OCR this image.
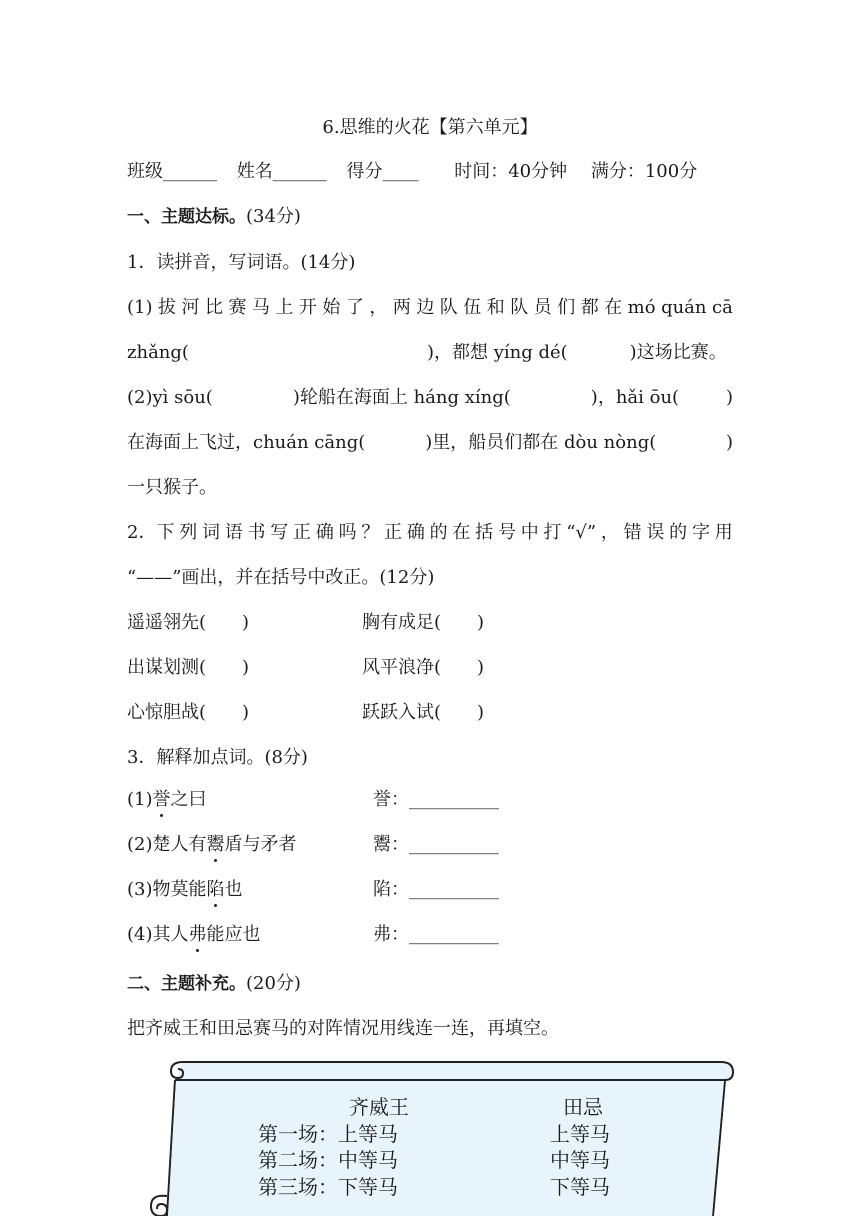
6.思维的火花【第六单元】
班级______ 姓名______ 得分____ 时间：40分钟 满分：100分
一、主题达标。(34分)
1．读拼音，写词语。(14分)
(1) 拔 河 比 赛 马 上 开 始 了 ， 两 边 队 伍 和 队 员 们 都 在 mó quán cā
zhǎng(	)，都想 yíng dé(	)这场比赛。
(2)yì sōu(	)轮船在海面上 háng xíng(	)，hǎi ōu(	)
在海面上飞过，chuán cāng(	)里，船员们都在 dòu nòng(	)
一只猴子。
2．下 列 词 语 书 写 正 确 吗 ？ 正 确 的 在 括 号 中 打 “√” ， 错 误 的 字 用
“——”画出，并在括号中改正。(12分)
遥遥翎先(　　)	胸有成足(　　)
出谋划测(　　)	风平浪净(　　)
心惊胆战(　　)	跃跃入试(　　)
3．解释加点词。(8分)
(1)誉之曰	誉：__________
(2)楚人有鬻盾与矛者	鬻：__________
(3)物莫能陷也	陷：__________
(4)其人弗能应也	弗：__________
二、主题补充。(20分)
把齐威王和田忌赛马的对阵情况用线连一连，再填空。
齐威王	田忌
第一场：上等马	上等马
第二场：中等马	中等马
第三场：下等马	下等马
